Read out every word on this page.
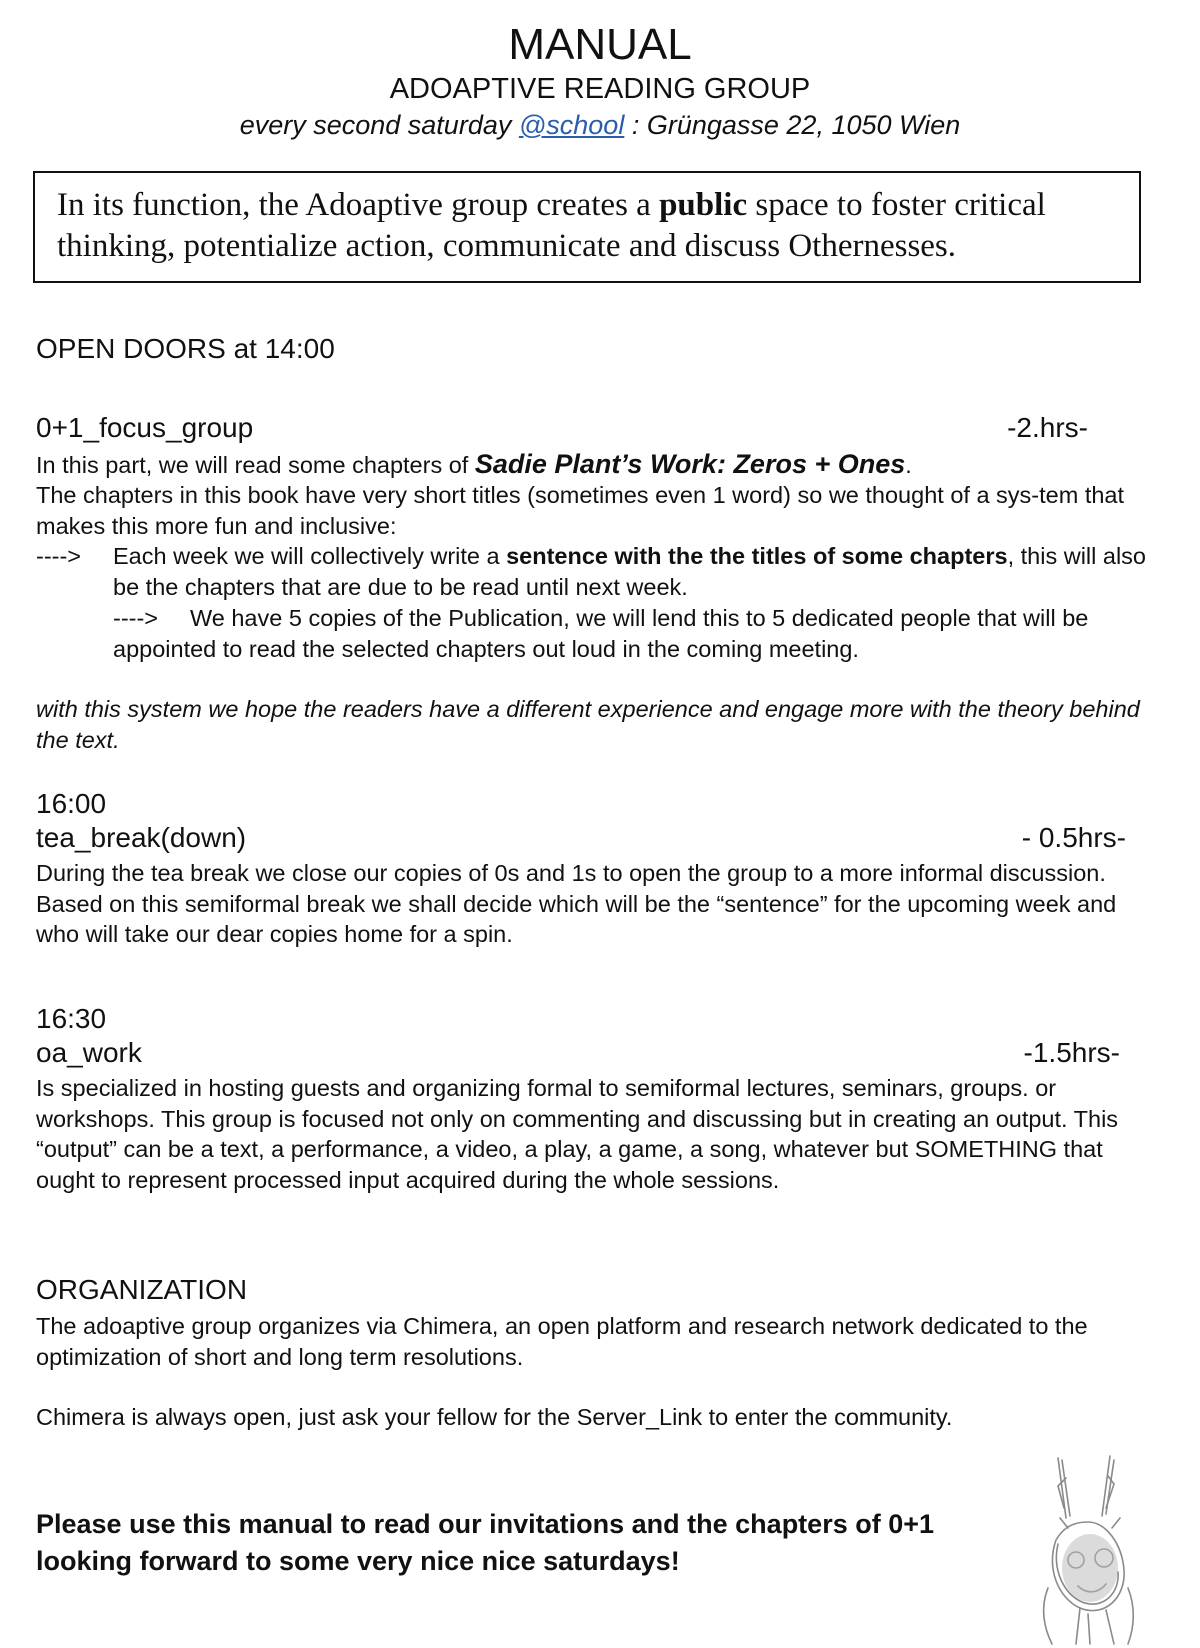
MANUAL
ADOAPTIVE READING GROUP
every second saturday @school : Grüngasse 22, 1050 Wien
In its function, the Adoaptive group creates a public space to foster critical thinking, potentialize action, communicate and discuss Othernesses.
OPEN DOORS at 14:00
0+1_focus_group	-2.hrs-
In this part, we will read some chapters of Sadie Plant’s Work: Zeros + Ones.
The chapters in this book have very short titles (sometimes even 1 word) so we thought of a sys-tem that makes this more fun and inclusive:
----> Each week we will collectively write a sentence with the the titles of some chapters, this will also be the chapters that are due to be read until next week.
---->	We have 5 copies of the Publication, we will lend this to 5 dedicated people that will be appointed to read the selected chapters out loud in the coming meeting.
with this system we hope the readers have a different experience and engage more with the theory behind the text.
16:00
tea_break(down)	- 0.5hrs-
During the tea break we close our copies of 0s and 1s to open the group to a more informal discussion. Based on this semiformal break we shall decide which will be the “sentence” for the upcoming week and who will take our dear copies home for a spin.
16:30
oa_work	-1.5hrs-
Is specialized in hosting guests and organizing formal to semiformal lectures, seminars, groups. or workshops. This group is focused not only on commenting and discussing but in creating an output. This “output” can be a text, a performance, a video, a play, a game, a song, whatever but SOMETHING that ought to represent processed input acquired during the whole sessions.
ORGANIZATION
The adoaptive group organizes via Chimera, an open platform and research network dedicated to the optimization of short and long term resolutions.
Chimera is always open, just ask your fellow for the Server_Link to enter the community.
Please use this manual to read our invitations and the chapters of 0+1
looking forward to some very nice nice saturdays!
